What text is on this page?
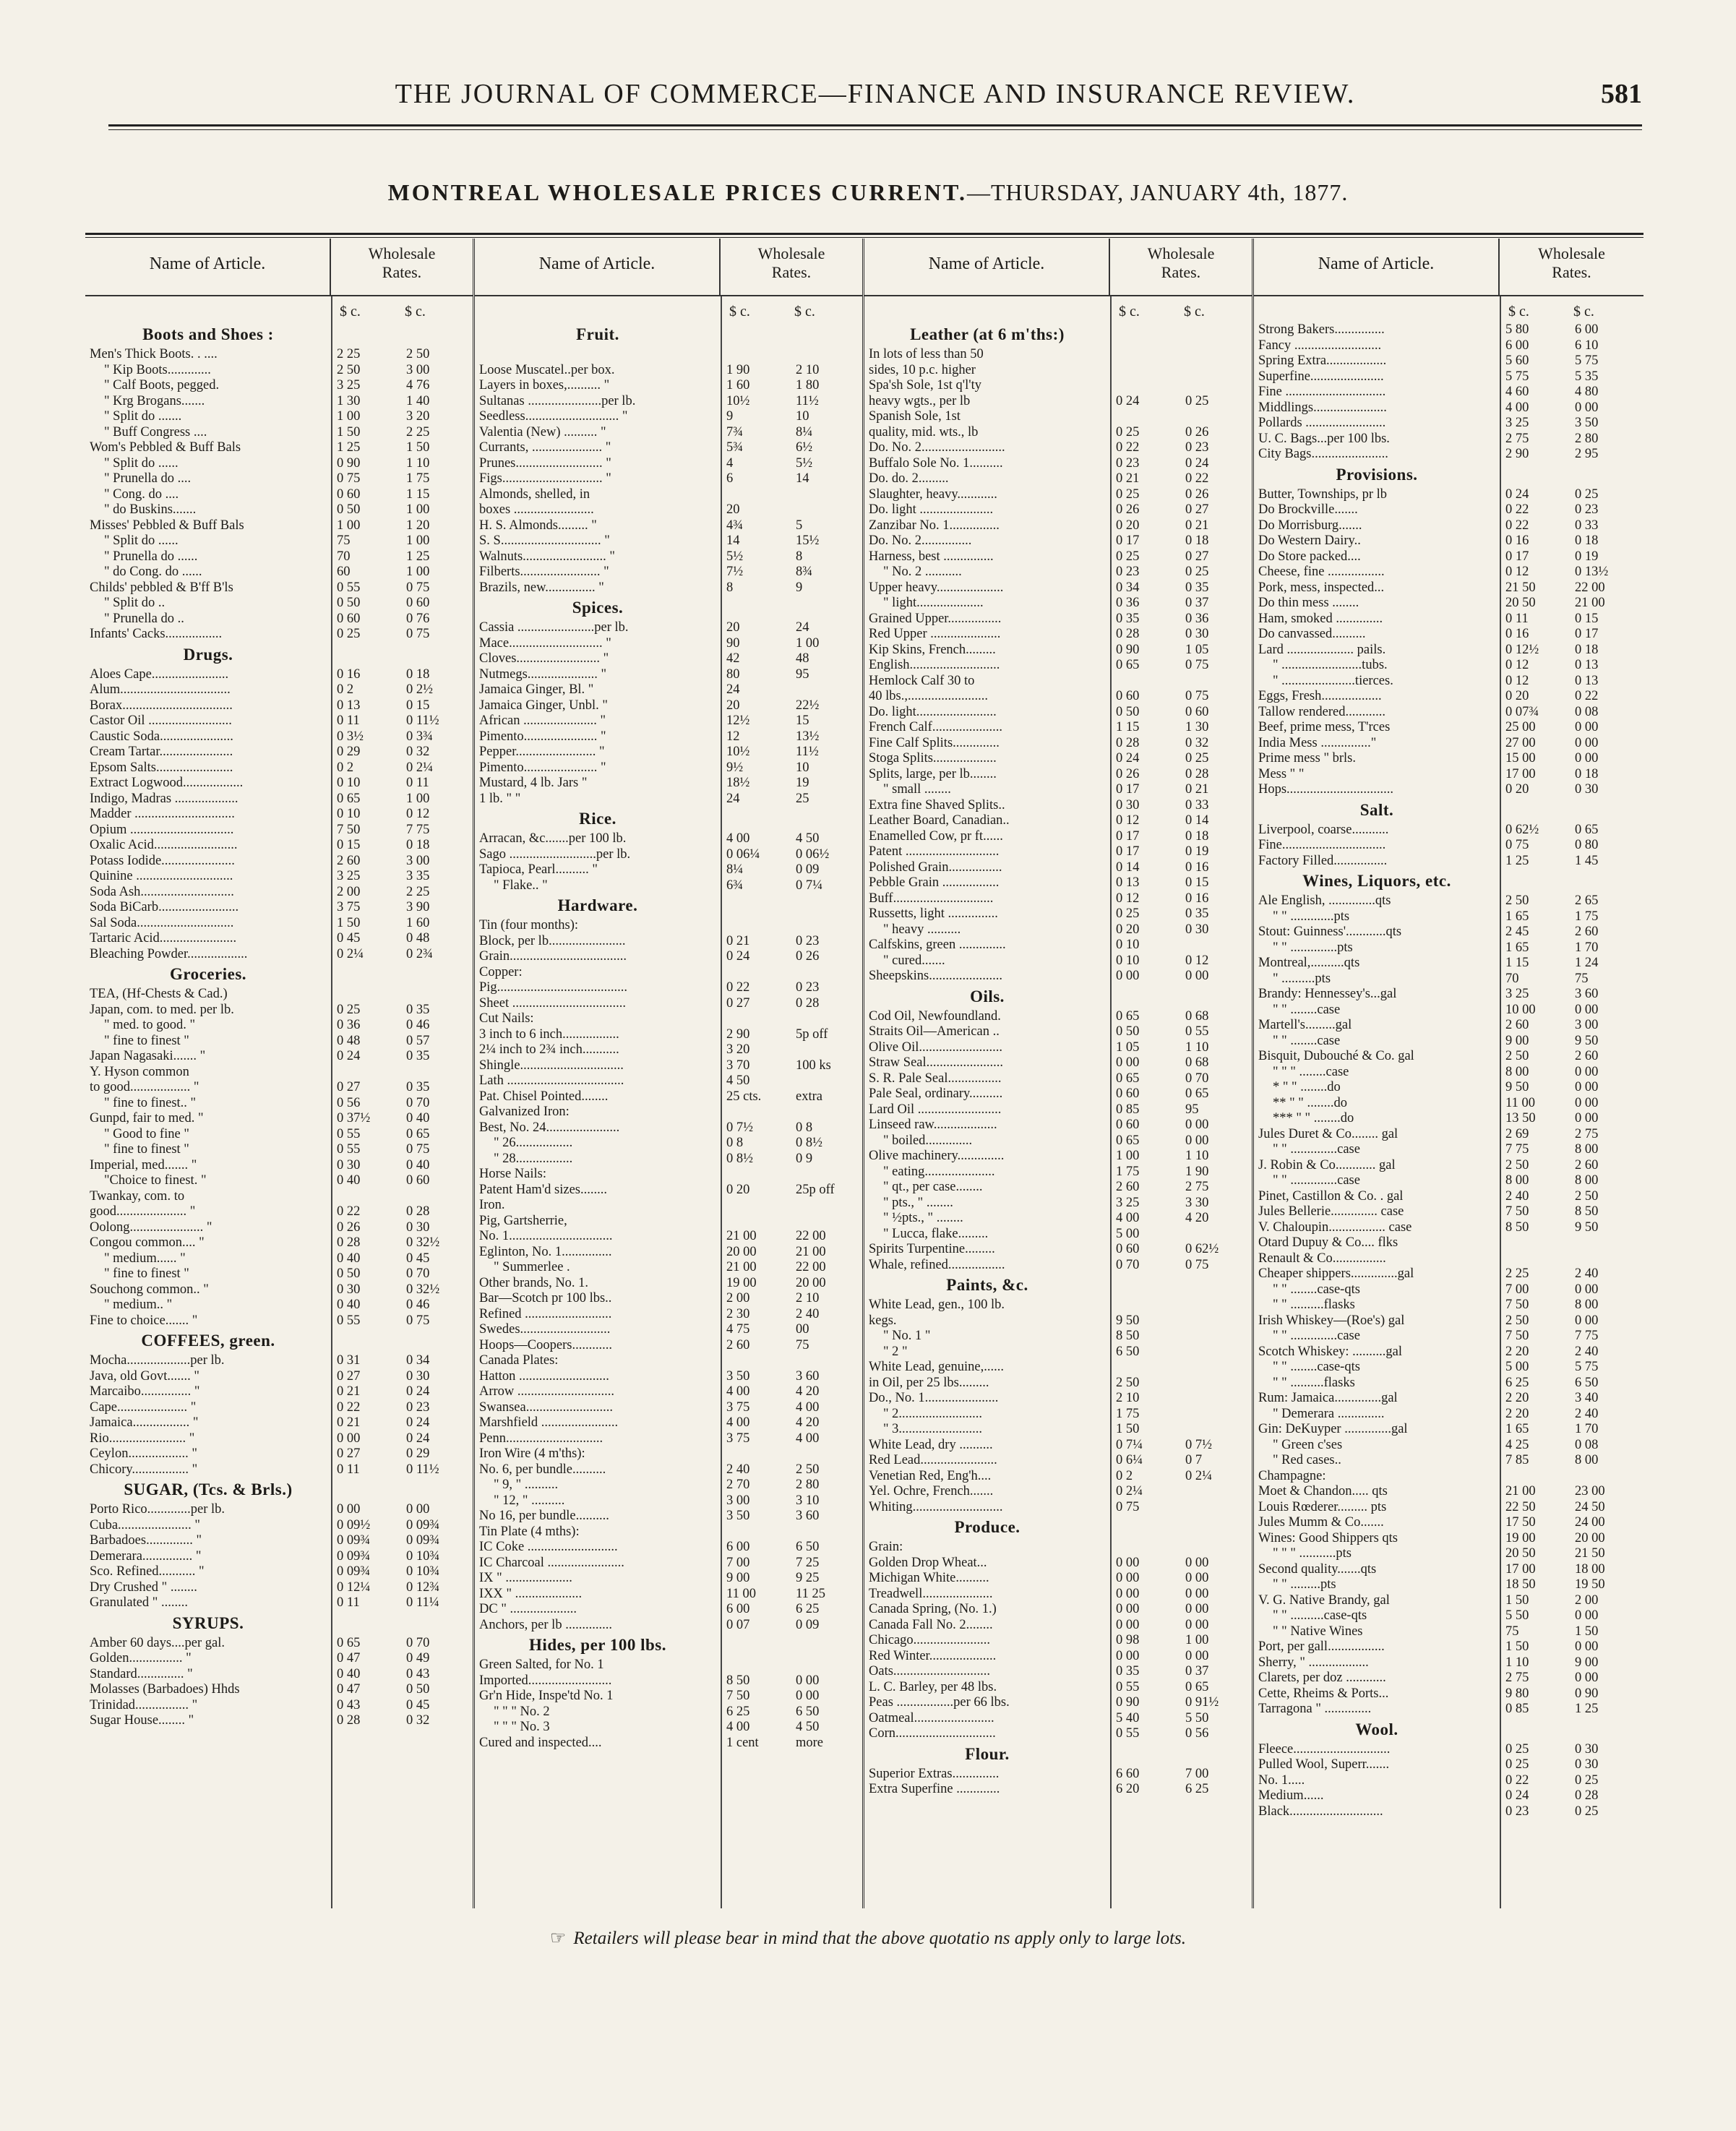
THE JOURNAL OF COMMERCE—FINANCE AND INSURANCE REVIEW.	581
MONTREAL WHOLESALE PRICES CURRENT.—THURSDAY, JANUARY 4th, 1877.
Name of Article.
Wholesale
Rates.
$ c.	$ c.
Boots and Shoes :
Men's Thick Boots. . ....	2 25	2 50
" Kip Boots.............	2 50	3 00
" Calf Boots, pegged.	3 25	4 76
" Krg Brogans.......	1 30	1 40
" Split do .......	1 00	3 20
" Buff Congress ....	1 50	2 25
Wom's Pebbled & Buff Bals	1 25	1 50
" Split do ......	0 90	1 10
" Prunella do ....	0 75	1 75
" Cong. do ....	0 60	1 15
" do Buskins.......	0 50	1 00
Misses' Pebbled & Buff Bals	1 00	1 20
" Split do ......	75	1 00
" Prunella do ......	70	1 25
" do Cong. do ......	60	1 00
Childs' pebbled & B'ff B'ls	0 55	0 75
" Split do ..	0 50	0 60
" Prunella do ..	0 60	0 76
Infants' Cacks.................	0 25	0 75
Drugs.
Aloes Cape.......................	0 16	0 18
Alum.................................	0 2	0 2½
Borax.................................	0 13	0 15
Castor Oil .........................	0 11	0 11½
Caustic Soda......................	0 3½	0 3¾
Cream Tartar......................	0 29	0 32
Epsom Salts.......................	0 2	0 2¼
Extract Logwood..................	0 10	0 11
Indigo, Madras ...................	0 65	1 00
Madder ..............................	0 10	0 12
Opium ...............................	7 50	7 75
Oxalic Acid.........................	0 15	0 18
Potass Iodide......................	2 60	3 00
Quinine .............................	3 25	3 35
Soda Ash............................	2 00	2 25
Soda BiCarb........................	3 75	3 90
Sal Soda.............................	1 50	1 60
Tartaric Acid.......................	0 45	0 48
Bleaching Powder..................	0 2¼	0 2¾
Groceries.
TEA, (Hf-Chests & Cad.)
Japan, com. to med. per lb.	0 25	0 35
" med. to good. "	0 36	0 46
" fine to finest "	0 48	0 57
Japan Nagasaki....... "	0 24	0 35
Y. Hyson common
to good.................. "	0 27	0 35
" fine to finest.. "	0 56	0 70
Gunpd, fair to med. "	0 37½	0 40
" Good to fine "	0 55	0 65
" fine to finest "	0 55	0 75
Imperial, med....... "	0 30	0 40
"Choice to finest. "	0 40	0 60
Twankay, com. to
good..................... "	0 22	0 28
Oolong...................... "	0 26	0 30
Congou common.... "	0 28	0 32½
" medium...... "	0 40	0 45
" fine to finest "	0 50	0 70
Souchong common.. "	0 30	0 32½
" medium.. "	0 40	0 46
Fine to choice....... "	0 55	0 75
COFFEES, green.
Mocha...................per lb.	0 31	0 34
Java, old Govt....... "	0 27	0 30
Marcaibo............... "	0 21	0 24
Cape..................... "	0 22	0 23
Jamaica................. "	0 21	0 24
Rio....................... "	0 00	0 24
Ceylon.................. "	0 27	0 29
Chicory................. "	0 11	0 11½
SUGAR, (Tcs. & Brls.)
Porto Rico.............per lb.	0 00	0 00
Cuba...................... "	0 09½	0 09¾
Barbadoes.............. "	0 09¾	0 09¾
Demerara............... "	0 09¾	0 10¾
Sco. Refined........... "	0 09¾	0 10¾
Dry Crushed " ........	0 12¼	0 12¾
Granulated " ........	0 11	0 11¼
SYRUPS.
Amber 60 days....per gal.	0 65	0 70
Golden................ "	0 47	0 49
Standard.............. "	0 40	0 43
Molasses (Barbadoes) Hhds	0 47	0 50
Trinidad................ "	0 43	0 45
Sugar House........ "	0 28	0 32
Name of Article.
Wholesale
Rates.
$ c.	$ c.
Fruit.
Loose Muscatel..per box.	1 90	2 10
Layers in boxes,.......... "	1 60	1 80
Sultanas ......................per lb.	10½	11½
Seedless............................ "	9	10
Valentia (New) .......... "	7¾	8¼
Currants, ..................... "	5¾	6½
Prunes.......................... "	4	5½
Figs.............................. "	6	14
Almonds, shelled, in
boxes ........................	20
H. S. Almonds......... "	4¾	5
S. S.............................. "	14	15½
Walnuts......................... "	5½	8
Filberts........................ "	7½	8¾
Brazils, new............... "	8	9
Spices.
Cassia .......................per lb.	20	24
Mace............................ "	90	1 00
Cloves......................... "	42	48
Nutmegs..................... "	80	95
Jamaica Ginger, Bl. "	24
Jamaica Ginger, Unbl. "	20	22½
African ...................... "	12½	15
Pimento...................... "	12	13½
Pepper........................ "	10½	11½
Pimento...................... "	9½	10
Mustard, 4 lb. Jars "	18½	19
1 lb. " "	24	25
Rice.
Arracan, &c.......per 100 lb.	4 00	4 50
Sago ..........................per lb.	0 06¼	0 06½
Tapioca, Pearl.......... "	8¼	0 09
" Flake.. "	6¾	0 7¼
Hardware.
Tin (four months):
Block, per lb.......................	0 21	0 23
Grain...................................	0 24	0 26
Copper:
Pig.......................................	0 22	0 23
Sheet ..................................	0 27	0 28
Cut Nails:
3 inch to 6 inch.................	2 90	5p off
2¼ inch to 2¾ inch...........	3 20
Shingle...............................	3 70	100 ks
Lath ...................................	4 50
Pat. Chisel Pointed........	25 cts.	extra
Galvanized Iron:
Best, No. 24......................	0 7½	0 8
" 26.................	0 8	0 8½
" 28.................	0 8½	0 9
Horse Nails:
Patent Ham'd sizes........	0 20	25p off
Iron.
Pig, Gartsherrie,
No. 1...............................	21 00	22 00
Eglinton, No. 1...............	20 00	21 00
" Summerlee .	21 00	22 00
Other brands, No. 1.	19 00	20 00
Bar—Scotch pr 100 lbs..	2 00	2 10
Refined ..........................	2 30	2 40
Swedes...........................	4 75	00
Hoops—Coopers............	2 60	75
Canada Plates:
Hatton ...........................	3 50	3 60
Arrow .............................	4 00	4 20
Swansea..........................	3 75	4 00
Marshfield .......................	4 00	4 20
Penn.............................	3 75	4 00
Iron Wire (4 m'ths):
No. 6, per bundle..........	2 40	2 50
" 9, " ..........	2 70	2 80
" 12, " ..........	3 00	3 10
No 16, per bundle..........	3 50	3 60
Tin Plate (4 mths):
IC Coke ...........................	6 00	6 50
IC Charcoal .......................	7 00	7 25
IX " ....................	9 00	9 25
IXX " ....................	11 00	11 25
DC " ....................	6 00	6 25
Anchors, per lb ..............	0 07	0 09
Hides, per 100 lbs.
Green Salted, for No. 1
Imported.........................	8 50	0 00
Gr'n Hide, Inspe'td No. 1	7 50	0 00
" " " No. 2	6 25	6 50
" " " No. 3	4 00	4 50
Cured and inspected....	1 cent	more
Name of Article.
Wholesale
Rates.
$ c.	$ c.
Leather (at 6 m'ths:)
In lots of less than 50
sides, 10 p.c. higher
Spa'sh Sole, 1st q'l'ty
heavy wgts., per lb	0 24	0 25
Spanish Sole, 1st
quality, mid. wts., lb	0 25	0 26
Do. No. 2.........................	0 22	0 23
Buffalo Sole No. 1..........	0 23	0 24
Do. do. 2.........	0 21	0 22
Slaughter, heavy............	0 25	0 26
Do. light ......................	0 26	0 27
Zanzibar No. 1...............	0 20	0 21
Do. No. 2...............	0 17	0 18
Harness, best ...............	0 25	0 27
" No. 2 ...........	0 23	0 25
Upper heavy....................	0 34	0 35
" light....................	0 36	0 37
Grained Upper................	0 35	0 36
Red Upper .....................	0 28	0 30
Kip Skins, French.........	0 90	1 05
English...........................	0 65	0 75
Hemlock Calf 30 to
40 lbs.,........................	0 60	0 75
Do. light........................	0 50	0 60
French Calf.....................	1 15	1 30
Fine Calf Splits..............	0 28	0 32
Stoga Splits...................	0 24	0 25
Splits, large, per lb........	0 26	0 28
" small ........	0 17	0 21
Extra fine Shaved Splits..	0 30	0 33
Leather Board, Canadian..	0 12	0 14
Enamelled Cow, pr ft......	0 17	0 18
Patent ............................	0 17	0 19
Polished Grain................	0 14	0 16
Pebble Grain .................	0 13	0 15
Buff..............................	0 12	0 16
Russetts, light ...............	0 25	0 35
" heavy ..........	0 20	0 30
Calfskins, green ..............	0 10
" cured.......	0 10	0 12
Sheepskins......................	0 00	0 00
Oils.
Cod Oil, Newfoundland.	0 65	0 68
Straits Oil—American ..	0 50	0 55
Olive Oil.........................	1 05	1 10
Straw Seal.......................	0 00	0 68
S. R. Pale Seal................	0 65	0 70
Pale Seal, ordinary..........	0 60	0 65
Lard Oil .........................	0 85	95
Linseed raw...................	0 60	0 00
" boiled..............	0 65	0 00
Olive machinery..............	1 00	1 10
" eating.....................	1 75	1 90
" qt., per case........	2 60	2 75
" pts., " ........	3 25	3 30
" ½pts., " ........	4 00	4 20
" Lucca, flake.........	5 00
Spirits Turpentine.........	0 60	0 62½
Whale, refined.................	0 70	0 75
Paints, &c.
White Lead, gen., 100 lb.
kegs.	9 50
" No. 1 "	8 50
" 2 "	6 50
White Lead, genuine,......
in Oil, per 25 lbs.........	2 50
Do., No. 1......................	2 10
" 2.........................	1 75
" 3.........................	1 50
White Lead, dry ..........	0 7¼	0 7½
Red Lead.......................	0 6¼	0 7
Venetian Red, Eng'h....	0 2	0 2¼
Yel. Ochre, French.......	0 2¼
Whiting...........................	0 75
Produce.
Grain:
Golden Drop Wheat...	0 00	0 00
Michigan White..........	0 00	0 00
Treadwell.....................	0 00	0 00
Canada Spring, (No. 1.)	0 00	0 00
Canada Fall No. 2........	0 00	0 00
Chicago.......................	0 98	1 00
Red Winter....................	0 00	0 00
Oats.............................	0 35	0 37
L. C. Barley, per 48 lbs.	0 55	0 65
Peas .................per 66 lbs.	0 90	0 91½
Oatmeal........................	5 40	5 50
Corn..............................	0 55	0 56
Flour.
Superior Extras..............	6 60	7 00
Extra Superfine .............	6 20	6 25
Name of Article.
Wholesale
Rates.
$ c.	$ c.
Strong Bakers...............	5 80	6 00
Fancy ..........................	6 00	6 10
Spring Extra..................	5 60	5 75
Superfine......................	5 75	5 35
Fine ..............................	4 60	4 80
Middlings......................	4 00	0 00
Pollards ........................	3 25	3 50
U. C. Bags...per 100 lbs.	2 75	2 80
City Bags.......................	2 90	2 95
Provisions.
Butter, Townships, pr lb	0 24	0 25
Do Brockville.......	0 22	0 23
Do Morrisburg.......	0 22	0 33
Do Western Dairy..	0 16	0 18
Do Store packed....	0 17	0 19
Cheese, fine .................	0 12	0 13½
Pork, mess, inspected...	21 50	22 00
Do thin mess ........	20 50	21 00
Ham, smoked ..............	0 11	0 15
Do canvassed..........	0 16	0 17
Lard .................... pails.	0 12½	0 18
" ........................tubs.	0 12	0 13
" ......................tierces.	0 12	0 13
Eggs, Fresh..................	0 20	0 22
Tallow rendered............	0 07¾	0 08
Beef, prime mess, T'rces	25 00	0 00
India Mess ..............."	27 00	0 00
Prime mess " brls.	15 00	0 00
Mess " "	17 00	0 18
Hops................................	0 20	0 30
Salt.
Liverpool, coarse...........	0 62½	0 65
Fine...............................	0 75	0 80
Factory Filled................	1 25	1 45
Wines, Liquors, etc.
Ale English, ..............qts	2 50	2 65
" " .............pts	1 65	1 75
Stout: Guinness'............qts	2 45	2 60
" " ..............pts	1 65	1 70
Montreal,..........qts	1 15	1 24
" ..........pts	70	75
Brandy: Hennessey's...gal	3 25	3 60
" " ........case	10 00	0 00
Martell's.........gal	2 60	3 00
" " ........case	9 00	9 50
Bisquit, Dubouché & Co. gal	2 50	2 60
" " " ........case	8 00	0 00
* " " ........do	9 50	0 00
** " " ........do	11 00	0 00
*** " " ........do	13 50	0 00
Jules Duret & Co........ gal	2 69	2 75
" " ..............case	7 75	8 00
J. Robin & Co............ gal	2 50	2 60
" " ..............case	8 00	8 00
Pinet, Castillon & Co. . gal	2 40	2 50
Jules Bellerie.............. case	7 50	8 50
V. Chaloupin................. case	8 50	9 50
Otard Dupuy & Co.... flks
Renault & Co................
Cheaper shippers..............gal	2 25	2 40
" " ........case-qts	7 00	0 00
" " ..........flasks	7 50	8 00
Irish Whiskey—(Roe's) gal	2 50	0 00
" " ..............case	7 50	7 75
Scotch Whiskey: ..........gal	2 20	2 40
" " ........case-qts	5 00	5 75
" " ..........flasks	6 25	6 50
Rum: Jamaica..............gal	2 20	3 40
" Demerara ..............	2 20	2 40
Gin: DeKuyper ..............gal	1 65	1 70
" Green c'ses	4 25	0 08
" Red cases..	7 85	8 00
Champagne:
Moet & Chandon..... qts	21 00	23 00
Louis Rœderer......... pts	22 50	24 50
Jules Mumm & Co.......	17 50	24 00
Wines: Good Shippers qts	19 00	20 00
" " " ...........pts	20 50	21 50
Second quality.......qts	17 00	18 00
" " .........pts	18 50	19 50
V. G. Native Brandy, gal	1 50	2 00
" " ..........case-qts	5 50	0 00
" " Native Wines	75	1 50
Port, per gall.................	1 50	0 00
Sherry, " ..................	1 10	9 00
Clarets, per doz ............	2 75	0 00
Cette, Rheims & Ports...	9 80	0 90
Tarragona " ..............	0 85	1 25
Wool.
Fleece.............................	0 25	0 30
Pulled Wool, Superr.......	0 25	0 30
No. 1.....	0 22	0 25
Medium......	0 24	0 28
Black............................	0 23	0 25
☞ Retailers will please bear in mind that the above quotatio ns apply only to large lots.
